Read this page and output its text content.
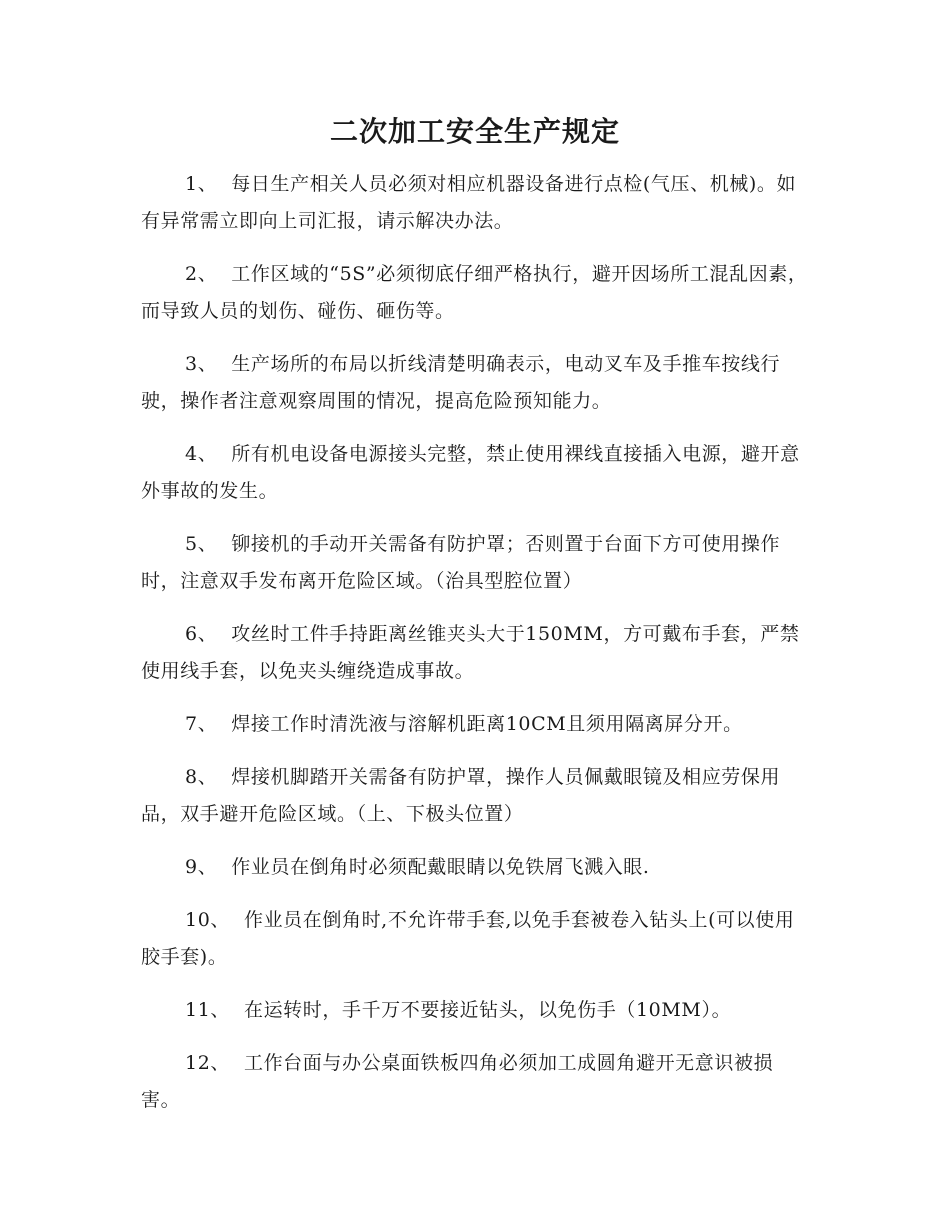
二次加工安全生产规定
1、 每日生产相关人员必须对相应机器设备进行点检(气压、机械)。如有异常需立即向上司汇报，请示解决办法。
2、 工作区域的“5S”必须彻底仔细严格执行，避开因场所工混乱因素，而导致人员的划伤、碰伤、砸伤等。
3、 生产场所的布局以折线清楚明确表示，电动叉车及手推车按线行驶，操作者注意观察周围的情况，提高危险预知能力。
4、 所有机电设备电源接头完整，禁止使用裸线直接插入电源，避开意外事故的发生。
5、 铆接机的手动开关需备有防护罩；否则置于台面下方可使用操作时，注意双手发布离开危险区域。（治具型腔位置）
6、 攻丝时工件手持距离丝锥夹头大于150MM，方可戴布手套，严禁使用线手套，以免夹头缠绕造成事故。
7、 焊接工作时清洗液与溶解机距离10CM且须用隔离屏分开。
8、 焊接机脚踏开关需备有防护罩，操作人员佩戴眼镜及相应劳保用品，双手避开危险区域。（上、下极头位置）
9、 作业员在倒角时必须配戴眼睛以免铁屑飞溅入眼.
10、 作业员在倒角时,不允许带手套,以免手套被卷入钻头上(可以使用胶手套)。
11、 在运转时，手千万不要接近钻头，以免伤手（10MM）。
12、 工作台面与办公桌面铁板四角必须加工成圆角避开无意识被损害。
